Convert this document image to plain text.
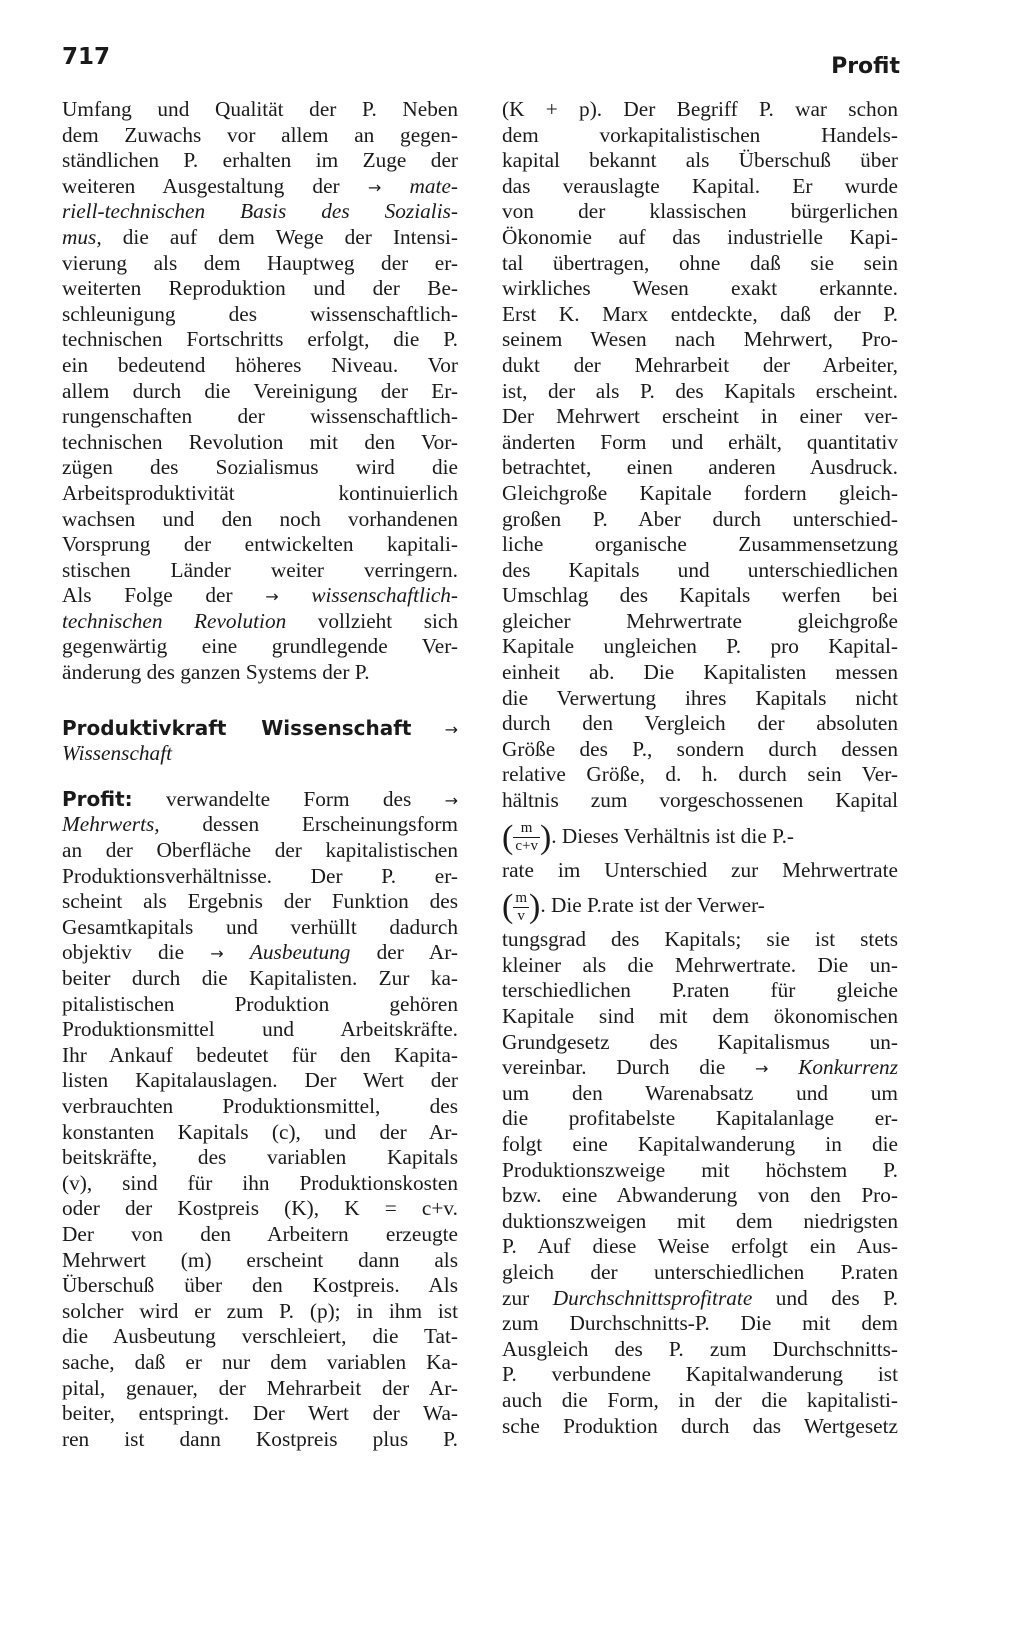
717	Profit
Umfang und Qualität der P. Neben
dem Zuwachs vor allem an gegen-
ständlichen P. erhalten im Zuge der
weiteren Ausgestaltung der → mate-
riell-technischen Basis des Sozialis-
mus, die auf dem Wege der Intensi-
vierung als dem Hauptweg der er-
weiterten Reproduktion und der Be-
schleunigung des wissenschaftlich-
technischen Fortschritts erfolgt, die P.
ein bedeutend höheres Niveau. Vor
allem durch die Vereinigung der Er-
rungenschaften der wissenschaftlich-
technischen Revolution mit den Vor-
zügen des Sozialismus wird die
Arbeitsproduktivität kontinuierlich
wachsen und den noch vorhandenen
Vorsprung der entwickelten kapitali-
stischen Länder weiter verringern.
Als Folge der → wissenschaftlich-
technischen Revolution vollzieht sich
gegenwärtig eine grundlegende Ver-
änderung des ganzen Systems der P.
Produktivkraft Wissenschaft →
Wissenschaft
Profit: verwandelte Form des →
Mehrwerts, dessen Erscheinungsform
an der Oberfläche der kapitalistischen
Produktionsverhältnisse. Der P. er-
scheint als Ergebnis der Funktion des
Gesamtkapitals und verhüllt dadurch
objektiv die → Ausbeutung der Ar-
beiter durch die Kapitalisten. Zur ka-
pitalistischen Produktion gehören
Produktionsmittel und Arbeitskräfte.
Ihr Ankauf bedeutet für den Kapita-
listen Kapitalauslagen. Der Wert der
verbrauchten Produktionsmittel, des
konstanten Kapitals (c), und der Ar-
beitskräfte, des variablen Kapitals
(v), sind für ihn Produktionskosten
oder der Kostpreis (K), K = c+v.
Der von den Arbeitern erzeugte
Mehrwert (m) erscheint dann als
Überschuß über den Kostpreis. Als
solcher wird er zum P. (p); in ihm ist
die Ausbeutung verschleiert, die Tat-
sache, daß er nur dem variablen Ka-
pital, genauer, der Mehrarbeit der Ar-
beiter, entspringt. Der Wert der Wa-
ren ist dann Kostpreis plus P.
(K + p). Der Begriff P. war schon
dem vorkapitalistischen Handels-
kapital bekannt als Überschuß über
das verauslagte Kapital. Er wurde
von der klassischen bürgerlichen
Ökonomie auf das industrielle Kapi-
tal übertragen, ohne daß sie sein
wirkliches Wesen exakt erkannte.
Erst K. Marx entdeckte, daß der P.
seinem Wesen nach Mehrwert, Pro-
dukt der Mehrarbeit der Arbeiter,
ist, der als P. des Kapitals erscheint.
Der Mehrwert erscheint in einer ver-
änderten Form und erhält, quantitativ
betrachtet, einen anderen Ausdruck.
Gleichgroße Kapitale fordern gleich-
großen P. Aber durch unterschied-
liche organische Zusammensetzung
des Kapitals und unterschiedlichen
Umschlag des Kapitals werfen bei
gleicher Mehrwertrate gleichgroße
Kapitale ungleichen P. pro Kapital-
einheit ab. Die Kapitalisten messen
die Verwertung ihres Kapitals nicht
durch den Vergleich der absoluten
Größe des P., sondern durch dessen
relative Größe, d. h. durch sein Ver-
hältnis zum vorgeschossenen Kapital
( $\frac{m}{c+v}$ ). Dieses Verhältnis ist die P.-
rate im Unterschied zur Mehrwertrate
( $\frac{m}{v}$ ). Die P.rate ist der Verwer-
tungsgrad des Kapitals; sie ist stets
kleiner als die Mehrwertrate. Die un-
terschiedlichen P.raten für gleiche
Kapitale sind mit dem ökonomischen
Grundgesetz des Kapitalismus un-
vereinbar. Durch die → Konkurrenz
um den Warenabsatz und um
die profitabelste Kapitalanlage er-
folgt eine Kapitalwanderung in die
Produktionszweige mit höchstem P.
bzw. eine Abwanderung von den Pro-
duktionszweigen mit dem niedrigsten
P. Auf diese Weise erfolgt ein Aus-
gleich der unterschiedlichen P.raten
zur Durchschnittsprofitrate und des P.
zum Durchschnitts-P. Die mit dem
Ausgleich des P. zum Durchschnitts-
P. verbundene Kapitalwanderung ist
auch die Form, in der die kapitalisti-
sche Produktion durch das Wertgesetz
